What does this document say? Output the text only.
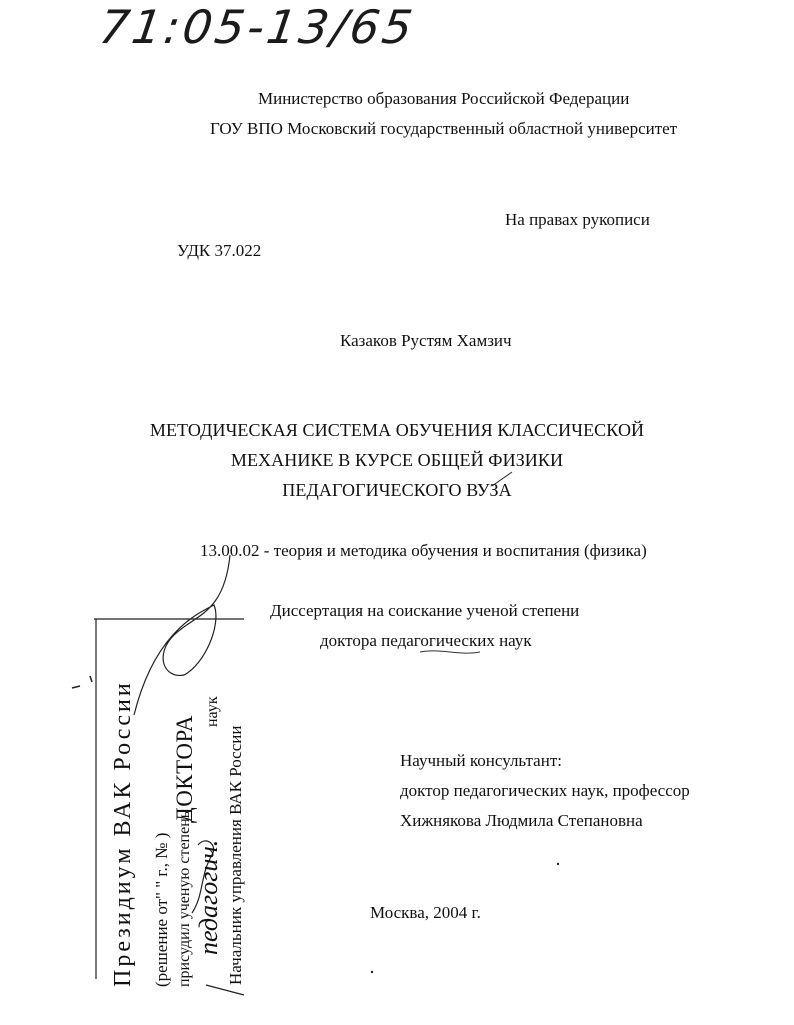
71:05-13/65
Министерство образования Российской Федерации
ГОУ ВПО Московский государственный областной университет
На правах рукописи
УДК 37.022
Казаков Рустям Хамзич
МЕТОДИЧЕСКАЯ СИСТЕМА ОБУЧЕНИЯ КЛАССИЧЕСКОЙ
МЕХАНИКЕ В КУРСЕ ОБЩЕЙ ФИЗИКИ
ПЕДАГОГИЧЕСКОГО ВУЗА
13.00.02 - теория и методика обучения и воспитания (физика)
Диссертация на соискание ученой степени
доктора педагогических наук
Научный консультант:
доктор педагогических наук, профессор
Хижнякова Людмила Степановна
Москва, 2004 г.
Президиум ВАК России (решение от" " г., № ) присудил ученую степень
ДОКТОРА
педагогич. Начальник управления ВАК России
наук
